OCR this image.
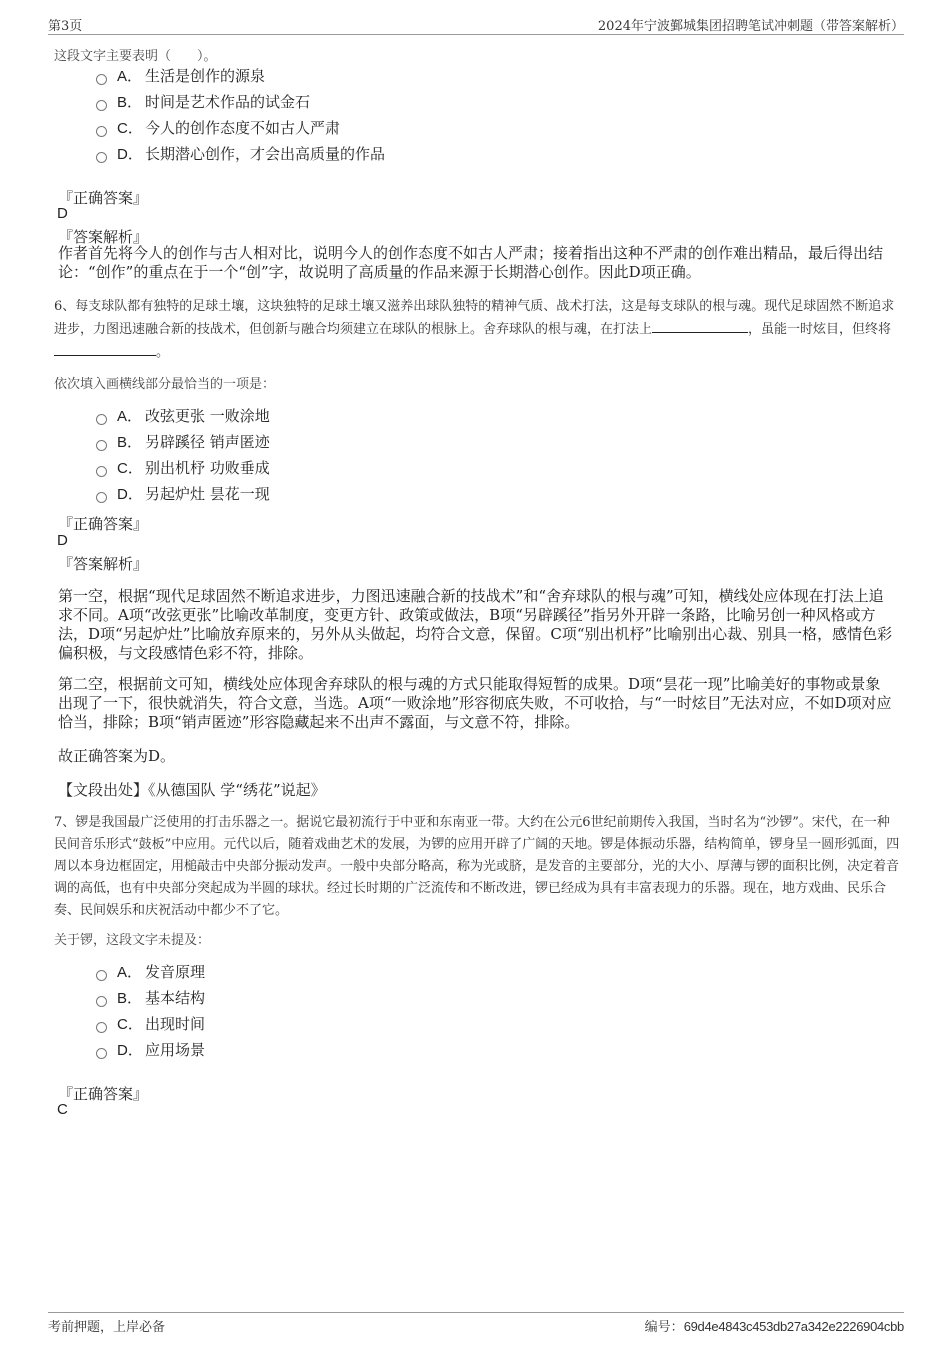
第3页	2024年宁波鄞城集团招聘笔试冲刺题（带答案解析）
这段文字主要表明（　　）。
A． 生活是创作的源泉
B． 时间是艺术作品的试金石
C． 今人的创作态度不如古人严肃
D． 长期潜心创作，才会出高质量的作品
『正确答案』
D
『答案解析』
作者首先将今人的创作与古人相对比，说明今人的创作态度不如古人严肃；接着指出这种不严肃的创作难出精品，最后得出结论：“创作”的重点在于一个“创”字，故说明了高质量的作品来源于长期潜心创作。因此D项正确。
6、每支球队都有独特的足球土壤，这块独特的足球土壤又滋养出球队独特的精神气质、战术打法，这是每支球队的根与魂。现代足球固然不断追求进步，力图迅速融合新的技战术，但创新与融合均须建立在球队的根脉上。舍弃球队的根与魂，在打法上	，虽能一时炫目，但终将。
依次填入画横线部分最恰当的一项是：
A． 改弦更张 一败涂地
B． 另辟蹊径 销声匿迹
C． 别出机杼 功败垂成
D． 另起炉灶 昙花一现
『正确答案』
D
『答案解析』
第一空，根据“现代足球固然不断追求进步，力图迅速融合新的技战术”和“舍弃球队的根与魂”可知，横线处应体现在打法上追求不同。A项“改弦更张”比喻改革制度，变更方针、政策或做法，B项“另辟蹊径”指另外开辟一条路，比喻另创一种风格或方法，D项“另起炉灶”比喻放弃原来的，另外从头做起，均符合文意，保留。C项“别出机杼”比喻别出心裁、别具一格，感情色彩偏积极，与文段感情色彩不符，排除。
第二空，根据前文可知，横线处应体现舍弃球队的根与魂的方式只能取得短暂的成果。D项“昙花一现”比喻美好的事物或景象出现了一下，很快就消失，符合文意，当选。A项“一败涂地”形容彻底失败，不可收拾，与“一时炫目”无法对应，不如D项对应恰当，排除；B项“销声匿迹”形容隐藏起来不出声不露面，与文意不符，排除。
故正确答案为D。
【文段出处】《从德国队 学“绣花”说起》
7、锣是我国最广泛使用的打击乐器之一。据说它最初流行于中亚和东南亚一带。大约在公元6世纪前期传入我国，当时名为“沙锣”。宋代，在一种民间音乐形式“鼓板”中应用。元代以后，随着戏曲艺术的发展，为锣的应用开辟了广阔的天地。锣是体振动乐器，结构简单，锣身呈一圆形弧面，四周以本身边框固定，用槌敲击中央部分振动发声。一般中央部分略高，称为光或脐，是发音的主要部分，光的大小、厚薄与锣的面积比例，决定着音调的高低，也有中央部分突起成为半圆的球状。经过长时期的广泛流传和不断改进，锣已经成为具有丰富表现力的乐器。现在，地方戏曲、民乐合奏、民间娱乐和庆祝活动中都少不了它。
关于锣，这段文字未提及：
A． 发音原理
B． 基本结构
C． 出现时间
D． 应用场景
『正确答案』
C
考前押题，上岸必备	编号：69d4e4843c453db27a342e2226904cbb
